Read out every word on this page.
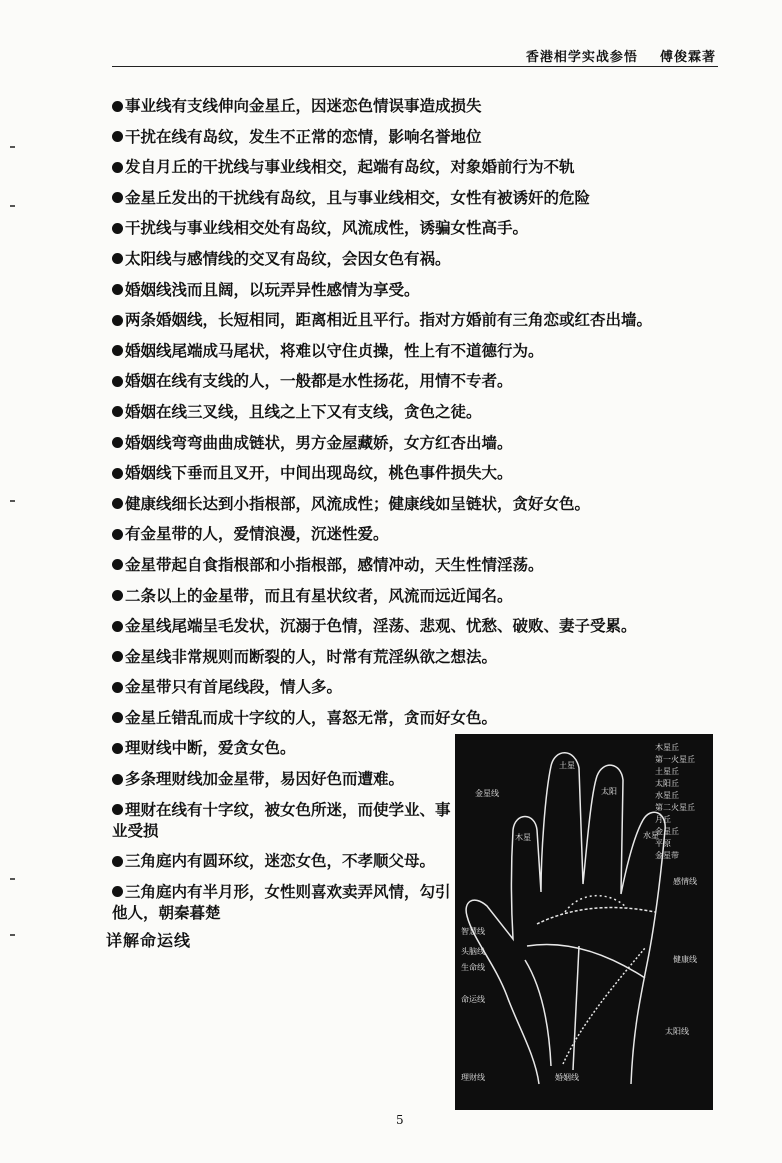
香港相学实战参悟 傅俊霖著
事业线有支线伸向金星丘，因迷恋色情误事造成损失
干扰在线有岛纹，发生不正常的恋情，影响名誉地位
发自月丘的干扰线与事业线相交，起端有岛纹，对象婚前行为不轨
金星丘发出的干扰线有岛纹，且与事业线相交，女性有被诱奸的危险
干扰线与事业线相交处有岛纹，风流成性，诱骗女性高手。
太阳线与感情线的交叉有岛纹，会因女色有祸。
婚姻线浅而且阔，以玩弄异性感情为享受。
两条婚姻线，长短相同，距离相近且平行。指对方婚前有三角恋或红杏出墙。
婚姻线尾端成马尾状，将难以守住贞操，性上有不道德行为。
婚姻在线有支线的人，一般都是水性扬花，用情不专者。
婚姻在线三叉线，且线之上下又有支线，贪色之徒。
婚姻线弯弯曲曲成链状，男方金屋藏娇，女方红杏出墙。
婚姻线下垂而且叉开，中间出现岛纹，桃色事件损失大。
健康线细长达到小指根部，风流成性；健康线如呈链状，贪好女色。
有金星带的人，爱情浪漫，沉迷性爱。
金星带起自食指根部和小指根部，感情冲动，天生性情淫荡。
二条以上的金星带，而且有星状纹者，风流而远近闻名。
金星线尾端呈毛发状，沉溺于色情，淫荡、悲观、忧愁、破败、妻子受累。
金星线非常规则而断裂的人，时常有荒淫纵欲之想法。
金星带只有首尾线段，情人多。
金星丘错乱而成十字纹的人，喜怒无常，贪而好女色。
理财线中断，爱贪女色。
多条理财线加金星带，易因好色而遭难。
理财在线有十字纹，被女色所迷，而使学业、事业受损
三角庭内有圆环纹，迷恋女色，不孝顺父母。
三角庭内有半月形，女性则喜欢卖弄风情，勾引他人，朝秦暮楚
详解命运线
木星丘
第一火星丘
土星丘
太阳丘
水星丘
第二火星丘
月丘
金星丘
平原
金星带
土星
太阳
木星	水星
感情线
智慧线
头脑线
生命线
健康线
命运线
太阳线
婚姻线
理财线
金星线
5
